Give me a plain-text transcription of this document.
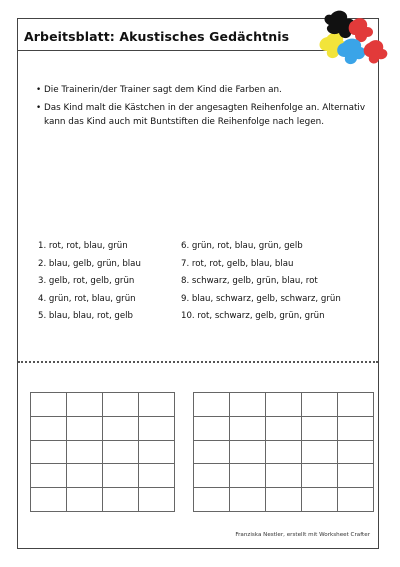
Arbeitsblatt: Akustisches Gedächtnis
• Die Trainerin/der Trainer sagt dem Kind die Farben an.
• Das Kind malt die Kästchen in der angesagten Reihenfolge an. Alternativ kann das Kind auch mit Buntstiften die Reihenfolge nach legen.
1. rot, rot, blau, grün
2. blau, gelb, grün, blau
3. gelb, rot, gelb, grün
4. grün, rot, blau, grün
5. blau, blau, rot, gelb
6. grün, rot, blau, grün, gelb
7. rot, rot, gelb, blau, blau
8. schwarz, gelb, grün, blau, rot
9. blau, schwarz, gelb, schwarz, grün
10. rot, schwarz, gelb, grün, grün

Franziska Nestler, erstellt mit Worksheet Crafter
